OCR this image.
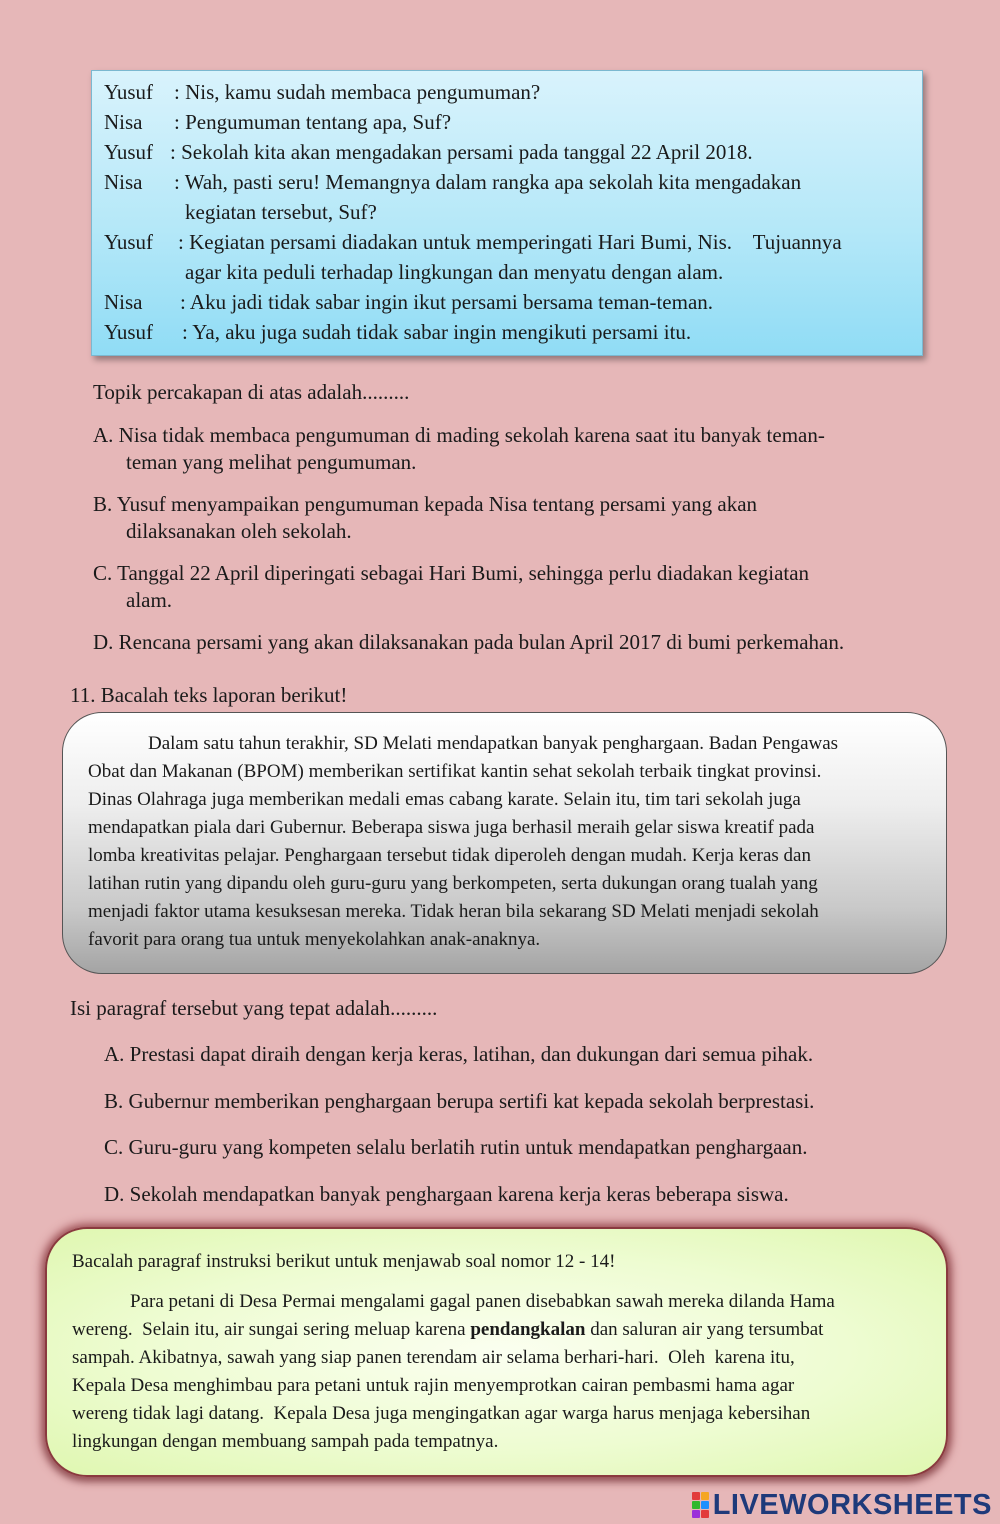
Yusuf : Nis, kamu sudah membaca pengumuman?
Nisa : Pengumuman tentang apa, Suf?
Yusuf : Sekolah kita akan mengadakan persami pada tanggal 22 April 2018.
Nisa : Wah, pasti seru! Memangnya dalam rangka apa sekolah kita mengadakan
kegiatan tersebut, Suf?
Yusuf : Kegiatan persami diadakan untuk memperingati Hari Bumi, Nis.    Tujuannya
agar kita peduli terhadap lingkungan dan menyatu dengan alam.
Nisa : Aku jadi tidak sabar ingin ikut persami bersama teman-teman.
Yusuf : Ya, aku juga sudah tidak sabar ingin mengikuti persami itu.
Topik percakapan di atas adalah.........
A. Nisa tidak membaca pengumuman di mading sekolah karena saat itu banyak teman-
teman yang melihat pengumuman.
B. Yusuf menyampaikan pengumuman kepada Nisa tentang persami yang akan
dilaksanakan oleh sekolah.
C. Tanggal 22 April diperingati sebagai Hari Bumi, sehingga perlu diadakan kegiatan
alam.
D. Rencana persami yang akan dilaksanakan pada bulan April 2017 di bumi perkemahan.
11. Bacalah teks laporan berikut!
Dalam satu tahun terakhir, SD Melati mendapatkan banyak penghargaan. Badan Pengawas
Obat dan Makanan (BPOM) memberikan sertifikat kantin sehat sekolah terbaik tingkat provinsi.
Dinas Olahraga juga memberikan medali emas cabang karate. Selain itu, tim tari sekolah juga
mendapatkan piala dari Gubernur. Beberapa siswa juga berhasil meraih gelar siswa kreatif pada
lomba kreativitas pelajar. Penghargaan tersebut tidak diperoleh dengan mudah. Kerja keras dan
latihan rutin yang dipandu oleh guru-guru yang berkompeten, serta dukungan orang tualah yang
menjadi faktor utama kesuksesan mereka. Tidak heran bila sekarang SD Melati menjadi sekolah
favorit para orang tua untuk menyekolahkan anak-anaknya.
Isi paragraf tersebut yang tepat adalah.........
A. Prestasi dapat diraih dengan kerja keras, latihan, dan dukungan dari semua pihak.
B. Gubernur memberikan penghargaan berupa sertifi kat kepada sekolah berprestasi.
C. Guru-guru yang kompeten selalu berlatih rutin untuk mendapatkan penghargaan.
D. Sekolah mendapatkan banyak penghargaan karena kerja keras beberapa siswa.
Bacalah paragraf instruksi berikut untuk menjawab soal nomor 12 - 14!
Para petani di Desa Permai mengalami gagal panen disebabkan sawah mereka dilanda Hama
wereng.  Selain itu, air sungai sering meluap karena pendangkalan dan saluran air yang tersumbat
sampah. Akibatnya, sawah yang siap panen terendam air selama berhari-hari.  Oleh  karena itu,
Kepala Desa menghimbau para petani untuk rajin menyemprotkan cairan pembasmi hama agar
wereng tidak lagi datang.  Kepala Desa juga mengingatkan agar warga harus menjaga kebersihan
lingkungan dengan membuang sampah pada tempatnya.
LIVEWORKSHEETS
